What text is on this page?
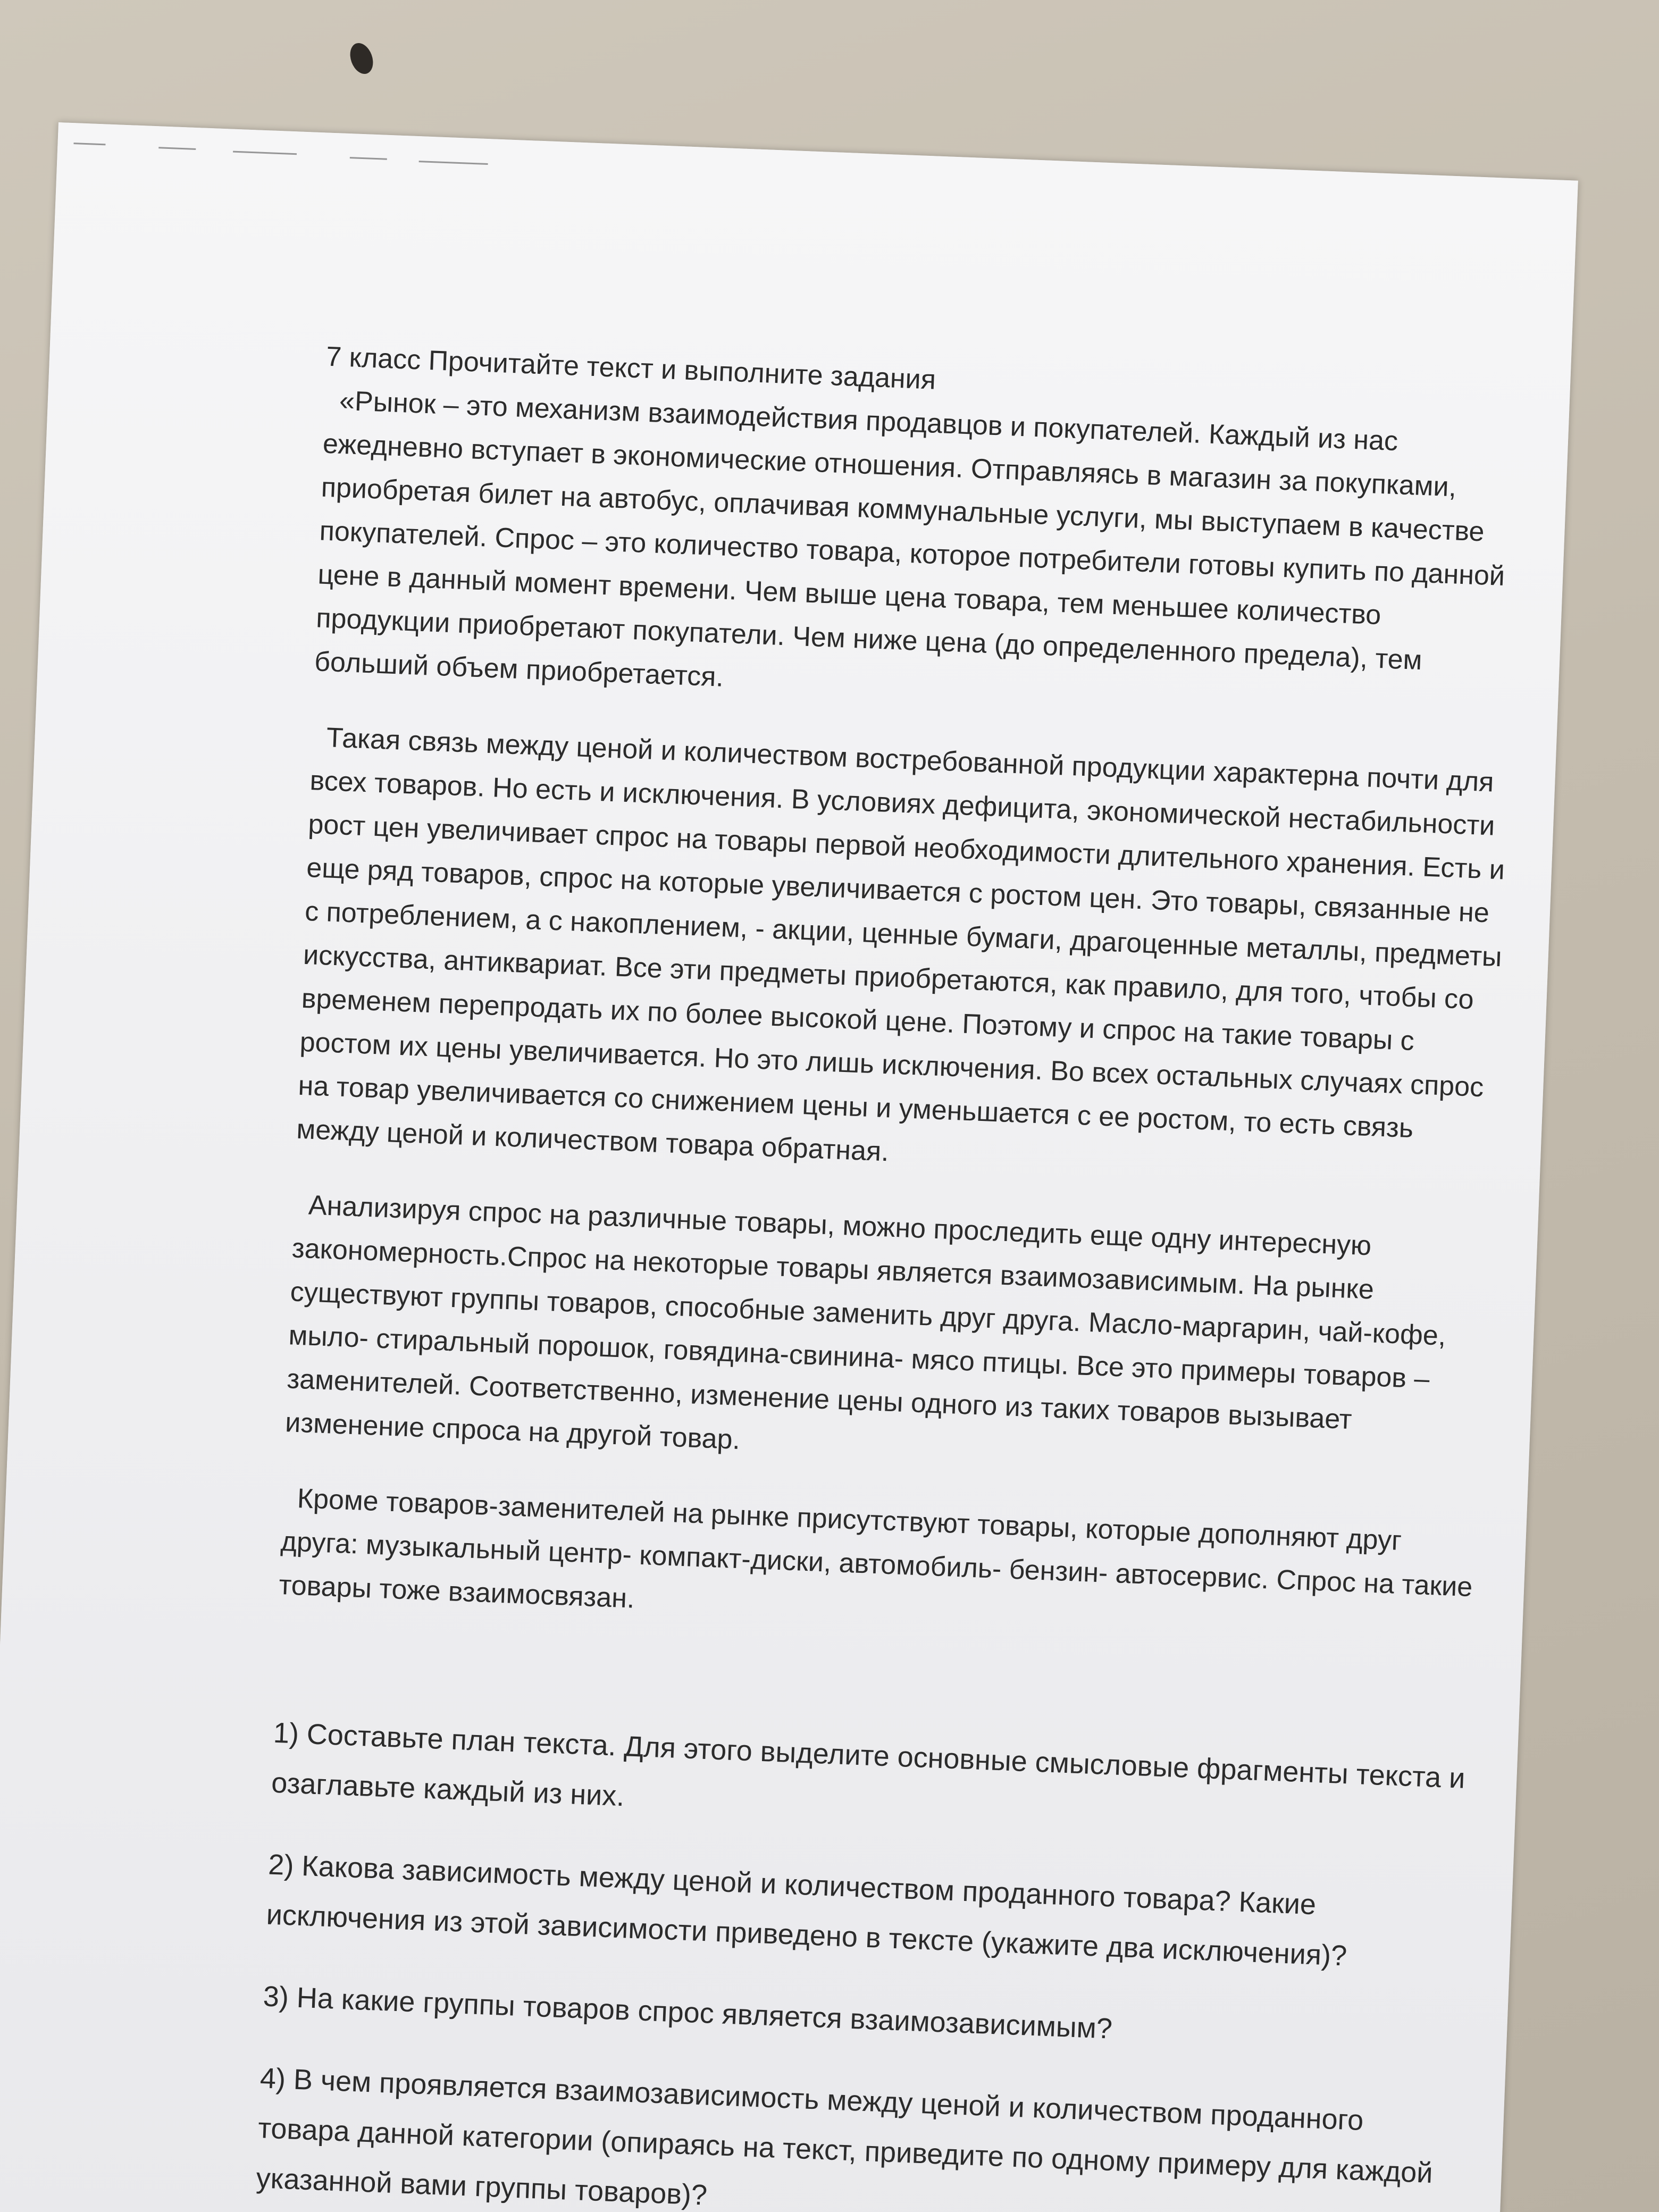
7 класс Прочитайте текст и выполните задания

«Рынок – это механизм взаимодействия продавцов и покупателей. Каждый из нас ежедневно вступает в экономические отношения. Отправляясь в магазин за покупками, приобретая билет на автобус, оплачивая коммунальные услуги, мы выступаем в качестве покупателей. Спрос – это количество товара, которое потребители готовы купить по данной цене в данный момент времени. Чем выше цена товара, тем меньшее количество продукции приобретают покупатели. Чем ниже цена (до определенного предела), тем больший объем приобретается.

Такая связь между ценой и количеством востребованной продукции характерна почти для всех товаров. Но есть и исключения. В условиях дефицита, экономической нестабильности рост цен увеличивает спрос на товары первой необходимости длительного хранения. Есть и еще ряд товаров, спрос на которые увеличивается с ростом цен. Это товары, связанные не с потреблением, а с накоплением, - акции, ценные бумаги, драгоценные металлы, предметы искусства, антиквариат. Все эти предметы приобретаются, как правило, для того, чтобы со временем перепродать их по более высокой цене. Поэтому и спрос на такие товары с ростом их цены увеличивается. Но это лишь исключения. Во всех остальных случаях спрос на товар увеличивается со снижением цены и уменьшается с ее ростом, то есть связь между ценой и количеством товара обратная.

Анализируя спрос на различные товары, можно проследить еще одну интересную закономерность.Спрос на некоторые товары является взаимозависимым. На рынке существуют группы товаров, способные заменить друг друга. Масло-маргарин, чай-кофе, мыло- стиральный порошок, говядина-свинина- мясо птицы. Все это примеры товаров –заменителей. Соответственно, изменение цены одного из таких товаров вызывает изменение спроса на другой товар.

Кроме товаров-заменителей на рынке присутствуют товары, которые дополняют друг друга: музыкальный центр- компакт-диски, автомобиль- бензин- автосервис. Спрос на такие товары тоже взаимосвязан.

1) Составьте план текста. Для этого выделите основные смысловые фрагменты текста и озаглавьте каждый из них.

2) Какова зависимость между ценой и количеством проданного товара? Какие исключения из этой зависимости приведено в тексте (укажите два исключения)?

3) На какие группы товаров спрос является взаимозависимым?

4) В чем проявляется взаимозависимость между ценой и количеством проданного товара данной категории (опираясь на текст, приведите по одному примеру для каждой указанной вами группы товаров)?
